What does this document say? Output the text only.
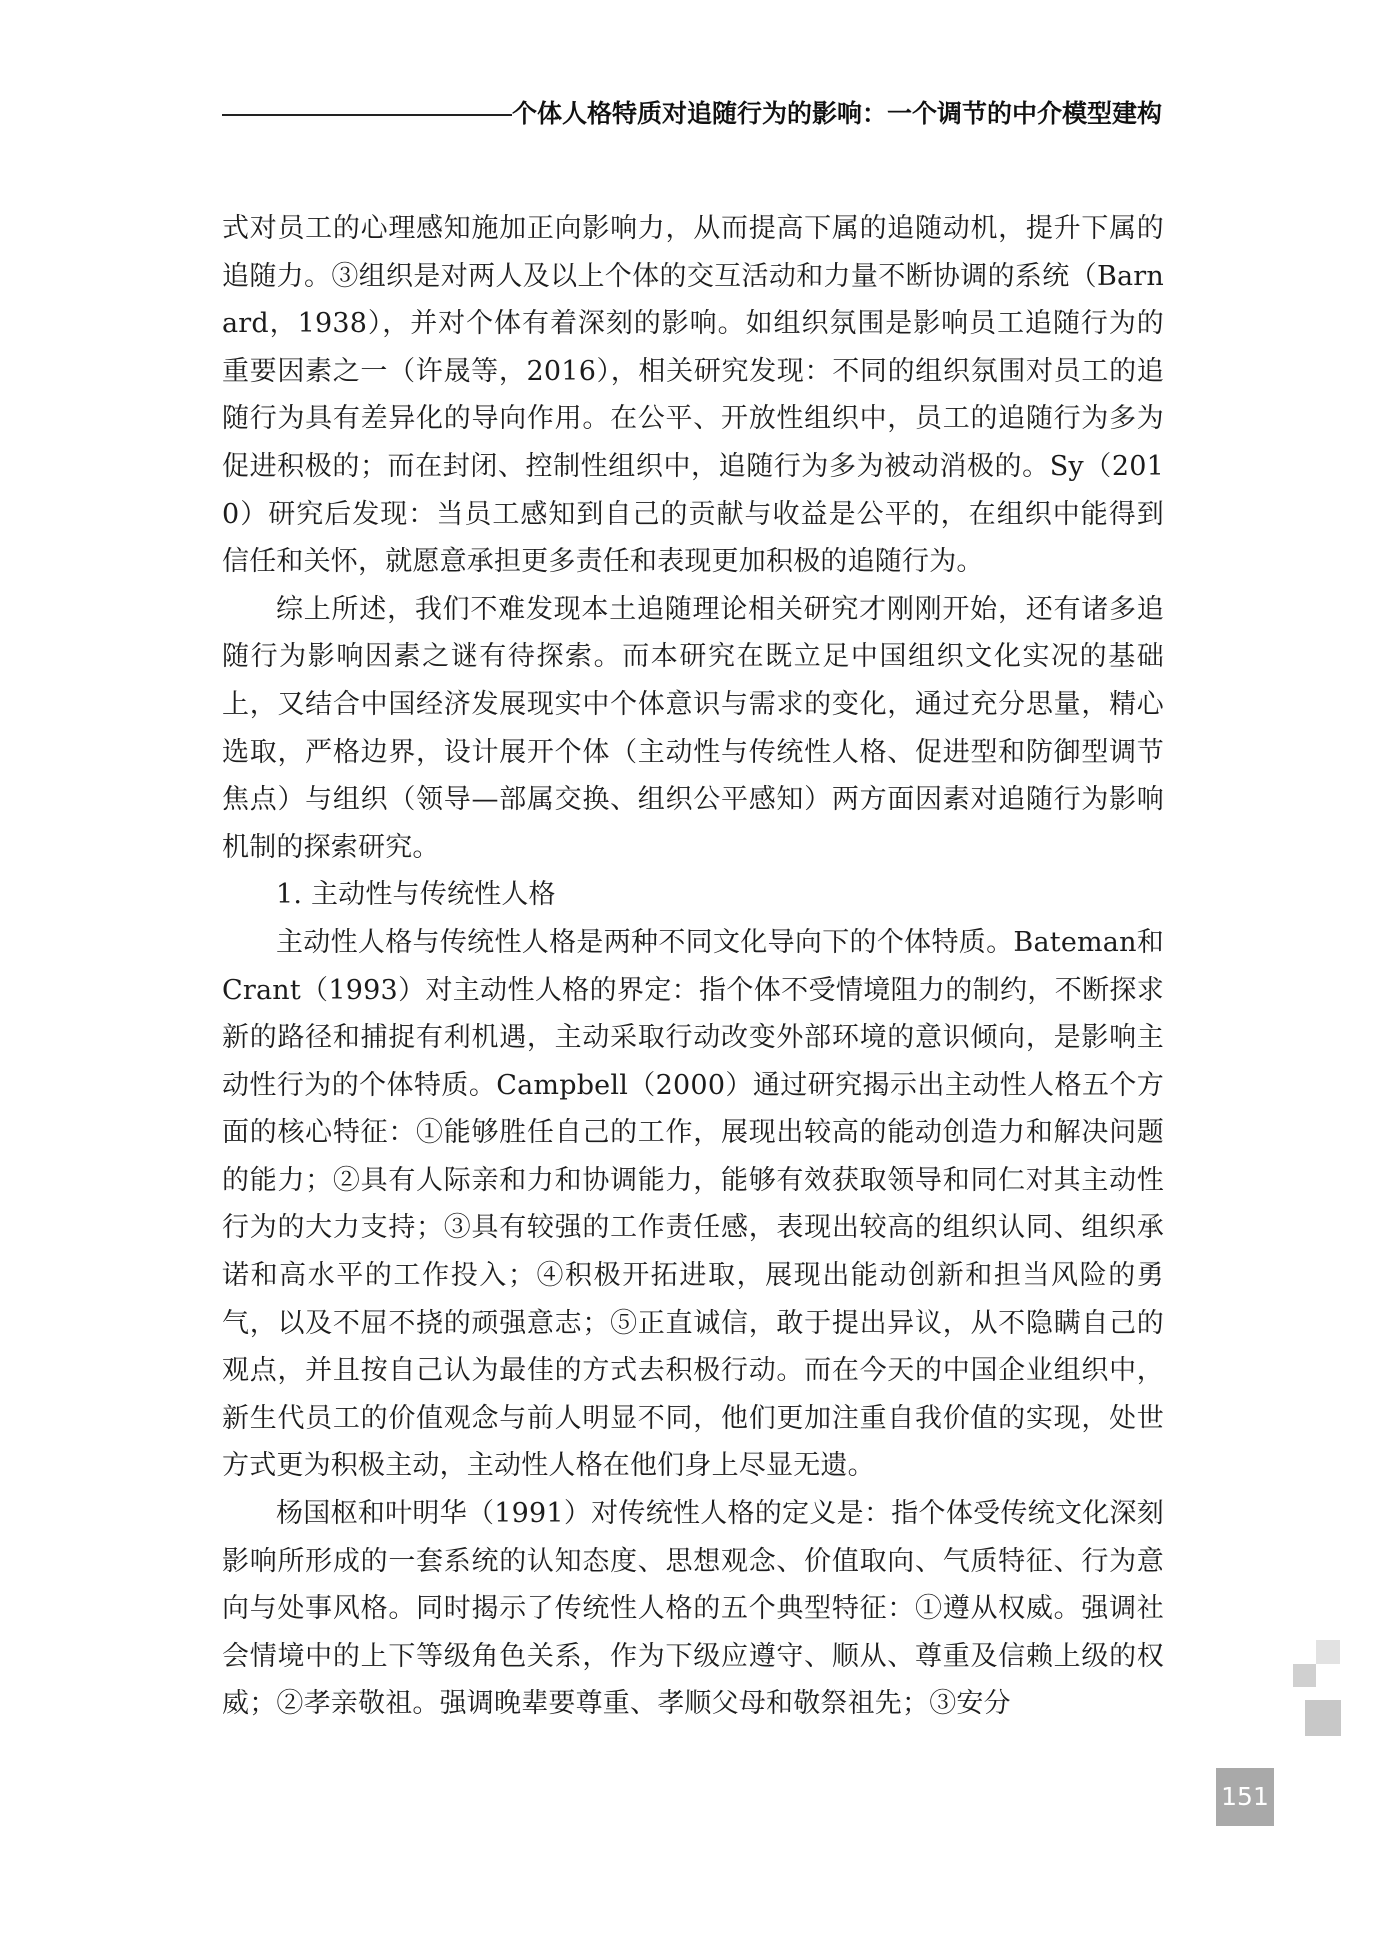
个体人格特质对追随行为的影响：一个调节的中介模型建构

式对员工的心理感知施加正向影响力，从而提高下属的追随动机，提升下属的追随力。③组织是对两人及以上个体的交互活动和力量不断协调的系统（Barnard，1938），并对个体有着深刻的影响。如组织氛围是影响员工追随行为的重要因素之一（许晟等，2016），相关研究发现：不同的组织氛围对员工的追随行为具有差异化的导向作用。在公平、开放性组织中，员工的追随行为多为促进积极的；而在封闭、控制性组织中，追随行为多为被动消极的。Sy（2010）研究后发现：当员工感知到自己的贡献与收益是公平的，在组织中能得到信任和关怀，就愿意承担更多责任和表现更加积极的追随行为。

综上所述，我们不难发现本土追随理论相关研究才刚刚开始，还有诸多追随行为影响因素之谜有待探索。而本研究在既立足中国组织文化实况的基础上，又结合中国经济发展现实中个体意识与需求的变化，通过充分思量，精心选取，严格边界，设计展开个体（主动性与传统性人格、促进型和防御型调节焦点）与组织（领导—部属交换、组织公平感知）两方面因素对追随行为影响机制的探索研究。

1. 主动性与传统性人格

主动性人格与传统性人格是两种不同文化导向下的个体特质。Bateman和Crant（1993）对主动性人格的界定：指个体不受情境阻力的制约，不断探求新的路径和捕捉有利机遇，主动采取行动改变外部环境的意识倾向，是影响主动性行为的个体特质。Campbell（2000）通过研究揭示出主动性人格五个方面的核心特征：①能够胜任自己的工作，展现出较高的能动创造力和解决问题的能力；②具有人际亲和力和协调能力，能够有效获取领导和同仁对其主动性行为的大力支持；③具有较强的工作责任感，表现出较高的组织认同、组织承诺和高水平的工作投入；④积极开拓进取，展现出能动创新和担当风险的勇气，以及不屈不挠的顽强意志；⑤正直诚信，敢于提出异议，从不隐瞒自己的观点，并且按自己认为最佳的方式去积极行动。而在今天的中国企业组织中，新生代员工的价值观念与前人明显不同，他们更加注重自我价值的实现，处世方式更为积极主动，主动性人格在他们身上尽显无遗。

杨国枢和叶明华（1991）对传统性人格的定义是：指个体受传统文化深刻影响所形成的一套系统的认知态度、思想观念、价值取向、气质特征、行为意向与处事风格。同时揭示了传统性人格的五个典型特征：①遵从权威。强调社会情境中的上下等级角色关系，作为下级应遵守、顺从、尊重及信赖上级的权威；②孝亲敬祖。强调晚辈要尊重、孝顺父母和敬祭祖先；③安分

151
